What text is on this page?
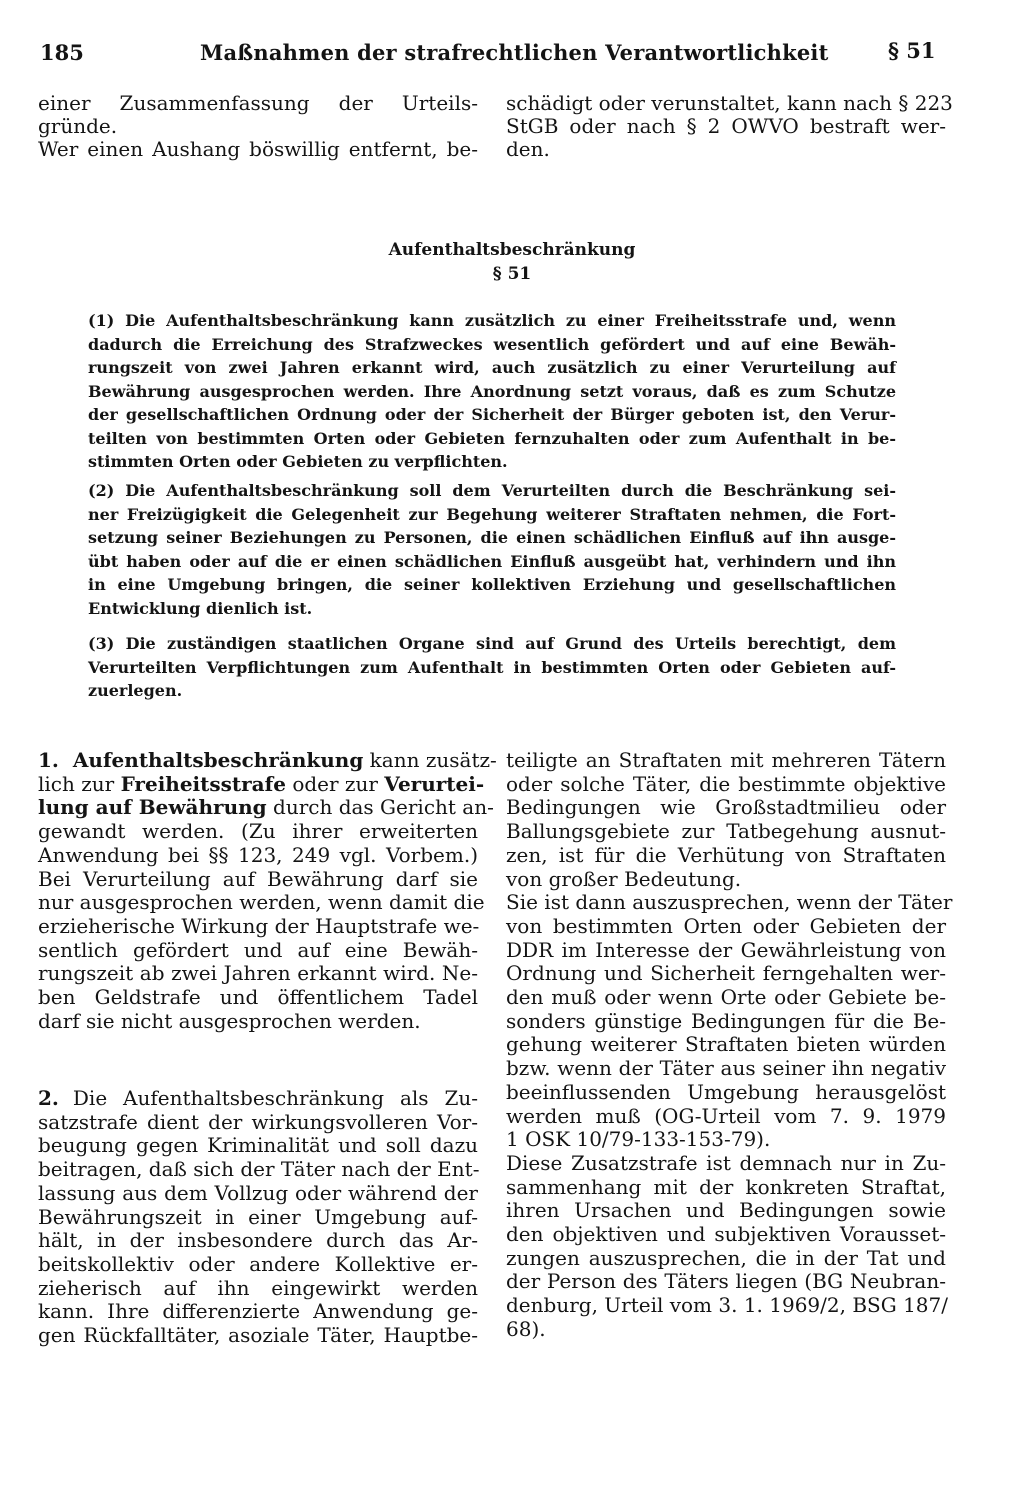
185	Maßnahmen der strafrechtlichen Verantwortlichkeit	§ 51
einer Zusammenfassung der Urteils-
gründe.
Wer einen Aushang böswillig entfernt, be-
schädigt oder verunstaltet, kann nach § 223
StGB oder nach § 2 OWVO bestraft wer-
den.
Aufenthaltsbeschränkung
§ 51
(1) Die Aufenthaltsbeschränkung kann zusätzlich zu einer Freiheitsstrafe und, wenn
dadurch die Erreichung des Strafzweckes wesentlich gefördert und auf eine Bewäh-
rungszeit von zwei Jahren erkannt wird, auch zusätzlich zu einer Verurteilung auf
Bewährung ausgesprochen werden. Ihre Anordnung setzt voraus, daß es zum Schutze
der gesellschaftlichen Ordnung oder der Sicherheit der Bürger geboten ist, den Verur-
teilten von bestimmten Orten oder Gebieten fernzuhalten oder zum Aufenthalt in be-
stimmten Orten oder Gebieten zu verpflichten.
(2) Die Aufenthaltsbeschränkung soll dem Verurteilten durch die Beschränkung sei-
ner Freizügigkeit die Gelegenheit zur Begehung weiterer Straftaten nehmen, die Fort-
setzung seiner Beziehungen zu Personen, die einen schädlichen Einfluß auf ihn ausge-
übt haben oder auf die er einen schädlichen Einfluß ausgeübt hat, verhindern und ihn
in eine Umgebung bringen, die seiner kollektiven Erziehung und gesellschaftlichen
Entwicklung dienlich ist.
(3) Die zuständigen staatlichen Organe sind auf Grund des Urteils berechtigt, dem
Verurteilten Verpflichtungen zum Aufenthalt in bestimmten Orten oder Gebieten auf-
zuerlegen.
1. Aufenthaltsbeschränkung kann zusätz-
lich zur Freiheitsstrafe oder zur Verurtei-
lung auf Bewährung durch das Gericht an-
gewandt werden. (Zu ihrer erweiterten
Anwendung bei §§ 123, 249 vgl. Vorbem.)
Bei Verurteilung auf Bewährung darf sie
nur ausgesprochen werden, wenn damit die
erzieherische Wirkung der Hauptstrafe we-
sentlich gefördert und auf eine Bewäh-
rungszeit ab zwei Jahren erkannt wird. Ne-
ben Geldstrafe und öffentlichem Tadel
darf sie nicht ausgesprochen werden.
2. Die Aufenthaltsbeschränkung als Zu-
satzstrafe dient der wirkungsvolleren Vor-
beugung gegen Kriminalität und soll dazu
beitragen, daß sich der Täter nach der Ent-
lassung aus dem Vollzug oder während der
Bewährungszeit in einer Umgebung auf-
hält, in der insbesondere durch das Ar-
beitskollektiv oder andere Kollektive er-
zieherisch auf ihn eingewirkt werden
kann. Ihre differenzierte Anwendung ge-
gen Rückfalltäter, asoziale Täter, Hauptbe-
teiligte an Straftaten mit mehreren Tätern
oder solche Täter, die bestimmte objektive
Bedingungen wie Großstadtmilieu oder
Ballungsgebiete zur Tatbegehung ausnut-
zen, ist für die Verhütung von Straftaten
von großer Bedeutung.
Sie ist dann auszusprechen, wenn der Täter
von bestimmten Orten oder Gebieten der
DDR im Interesse der Gewährleistung von
Ordnung und Sicherheit ferngehalten wer-
den muß oder wenn Orte oder Gebiete be-
sonders günstige Bedingungen für die Be-
gehung weiterer Straftaten bieten würden
bzw. wenn der Täter aus seiner ihn negativ
beeinflussenden Umgebung herausgelöst
werden muß (OG-Urteil vom 7. 9. 1979
1 OSK 10/79-133-153-79).
Diese Zusatzstrafe ist demnach nur in Zu-
sammenhang mit der konkreten Straftat,
ihren Ursachen und Bedingungen sowie
den objektiven und subjektiven Vorausset-
zungen auszusprechen, die in der Tat und
der Person des Täters liegen (BG Neubran-
denburg, Urteil vom 3. 1. 1969/2, BSG 187/
68).
